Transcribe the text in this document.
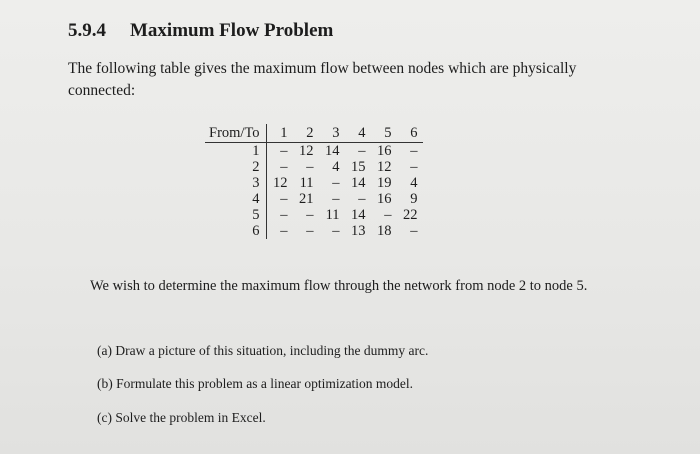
5.9.4 Maximum Flow Problem
The following table gives the maximum flow between nodes which are physically connected:
From/To	1	2	3	4	5	6
1	–	12	14	–	16	–
2	–	–	4	15	12	–
3	12	11	–	14	19	4
4	–	21	–	–	16	9
5	–	–	11	14	–	22
6	–	–	–	13	18	–
We wish to determine the maximum flow through the network from node 2 to node 5.
(a) Draw a picture of this situation, including the dummy arc.
(b) Formulate this problem as a linear optimization model.
(c) Solve the problem in Excel.
